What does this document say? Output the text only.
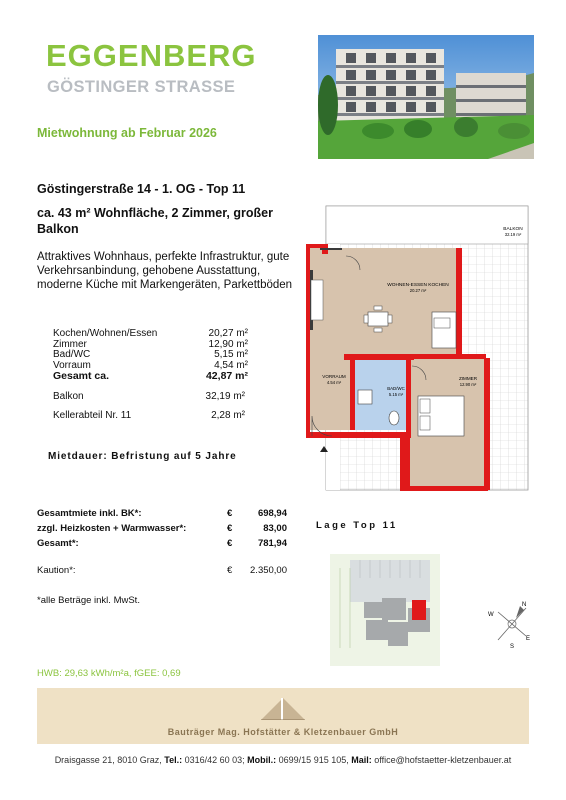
EGGENBERG
GÖSTINGER STRASSE
Mietwohnung ab Februar 2026
Göstingerstraße 14 - 1. OG - Top 11
ca. 43 m² Wohnfläche, 2 Zimmer, großer Balkon
Attraktives Wohnhaus, perfekte Infrastruktur, gute Verkehrsanbindung, gehobene Ausstattung, moderne Küche mit Markengeräten, Parkettböden
Kochen/Wohnen/Essen	20,27 m²
Zimmer	12,90 m²
Bad/WC	5,15 m²
Vorraum	4,54 m²
Gesamt ca.	42,87 m²
Balkon	32,19 m²
Kellerabteil Nr. 11	2,28 m²
Mietdauer: Befristung auf 5 Jahre
Gesamtmiete inkl. BK*:	€	698,94
zzgl. Heizkosten + Warmwasser*:	€	83,00
Gesamt*:	€	781,94
Kaution*:	€	2.350,00
*alle Beträge inkl. MwSt.
BALKON
32.19 m²
WOHNEN-ESSEN KOCHEN
20.27 m²
VORRAUM
4.54 m²
BAD/WC
5.15 m²
ZIMMER
12.90 m²
Lage Top 11
N
S
W
E
HWB: 29,63 kWh/m²a, fGEE: 0,69
Bauträger Mag. Hofstätter & Kletzenbauer GmbH
Draisgasse 21, 8010 Graz, Tel.: 0316/42 60 03; Mobil.: 0699/15 915 105, Mail: office@hofstaetter-kletzenbauer.at
